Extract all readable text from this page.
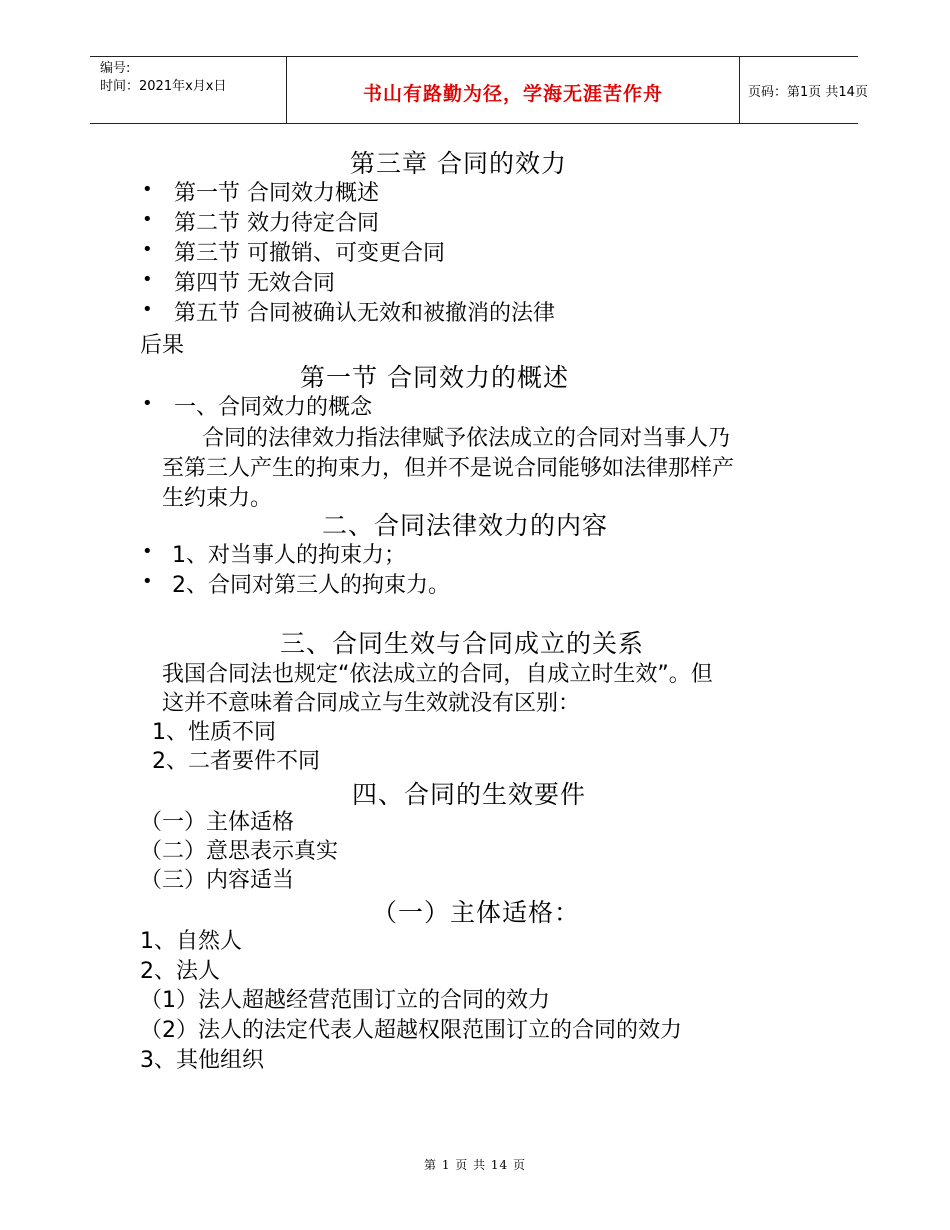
编号:
时间：2021年x月x日	书山有路勤为径，学海无涯苦作舟	页码：第1页 共14页
第三章 合同的效力
• 第一节 合同效力概述
• 第二节 效力待定合同
• 第三节 可撤销、可变更合同
• 第四节 无效合同
• 第五节 合同被确认无效和被撤消的法律
后果
第一节 合同效力的概述
• 一、合同效力的概念
合同的法律效力指法律赋予依法成立的合同对当事人乃
至第三人产生的拘束力，但并不是说合同能够如法律那样产
生约束力。
二、合同法律效力的内容
• 1、对当事人的拘束力；
• 2、合同对第三人的拘束力。
三、合同生效与合同成立的关系
我国合同法也规定“依法成立的合同，自成立时生效”。但
这并不意味着合同成立与生效就没有区别：
1、性质不同
2、二者要件不同
四、合同的生效要件
（一）主体适格
（二）意思表示真实
（三）内容适当
（一）主体适格：
1、自然人
2、法人
（1）法人超越经营范围订立的合同的效力
（2）法人的法定代表人超越权限范围订立的合同的效力
3、其他组织
第 1 页 共 14 页
